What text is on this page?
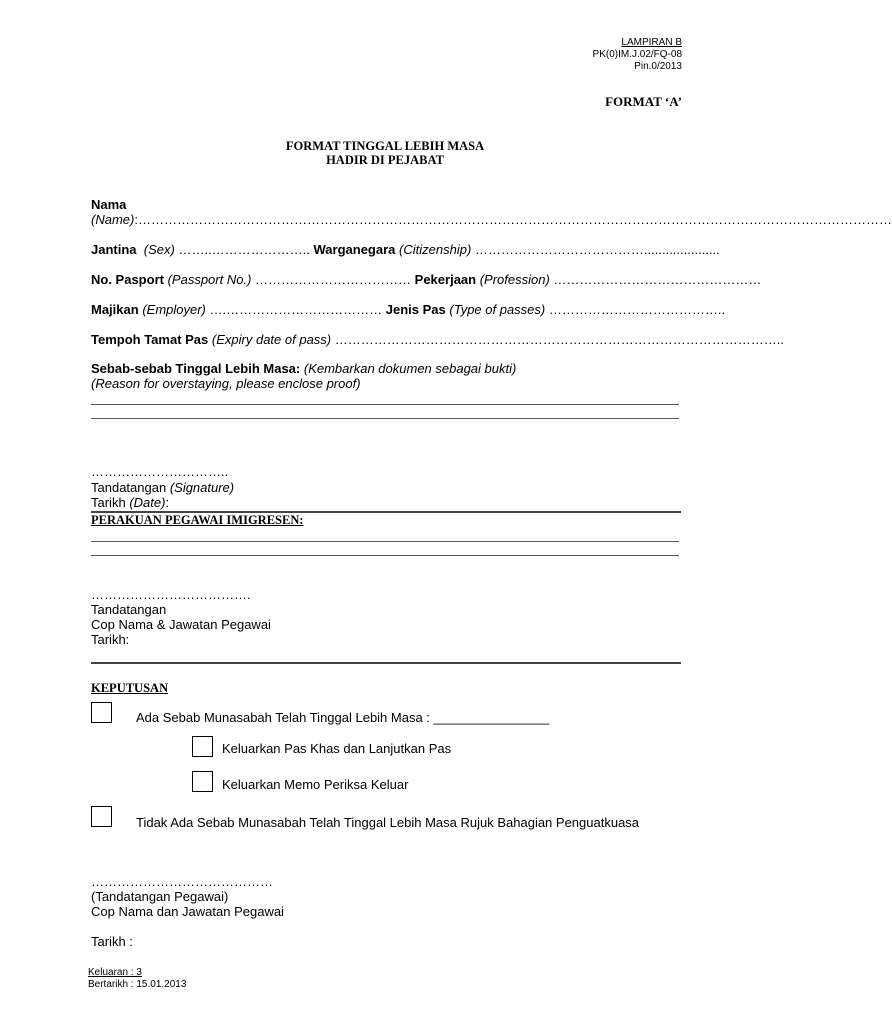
LAMPIRAN B
PK(0)IM.J.02/FQ-08
Pin.0/2013
FORMAT ‘A’
FORMAT TINGGAL LEBIH MASA
HADIR DI PEJABAT
Nama
(Name):…………………………………………………………………………………………………………………………………………………………
Jantina (Sex) ……..………………….. Warganegara (Citizenship) ………………………………….....................
No. Pasport (Passport No.) ……………………………… Pekerjaan (Profession) …………………………………………
Majikan (Employer) ….……………………………… Jenis Pas (Type of passes) …………………………………..
Tempoh Tamat Pas (Expiry date of pass) …………………………………………………………………………………………..
Sebab-sebab Tinggal Lebih Masa: (Kembarkan dokumen sebagai bukti)
(Reason for overstaying, please enclose proof)
…………………………..
Tandatangan (Signature)
Tarikh (Date):
PERAKUAN PEGAWAI IMIGRESEN:
……………………………….
Tandatangan
Cop Nama & Jawatan Pegawai
Tarikh:
KEPUTUSAN
Ada Sebab Munasabah Telah Tinggal Lebih Masa : ________________
Keluarkan Pas Khas dan Lanjutkan Pas
Keluarkan Memo Periksa Keluar
Tidak Ada Sebab Munasabah Telah Tinggal Lebih Masa Rujuk Bahagian Penguatkuasa
……………………………………
(Tandatangan Pegawai)
Cop Nama dan Jawatan Pegawai
Tarikh :
Keluaran : 3
Bertarikh : 15.01.2013
